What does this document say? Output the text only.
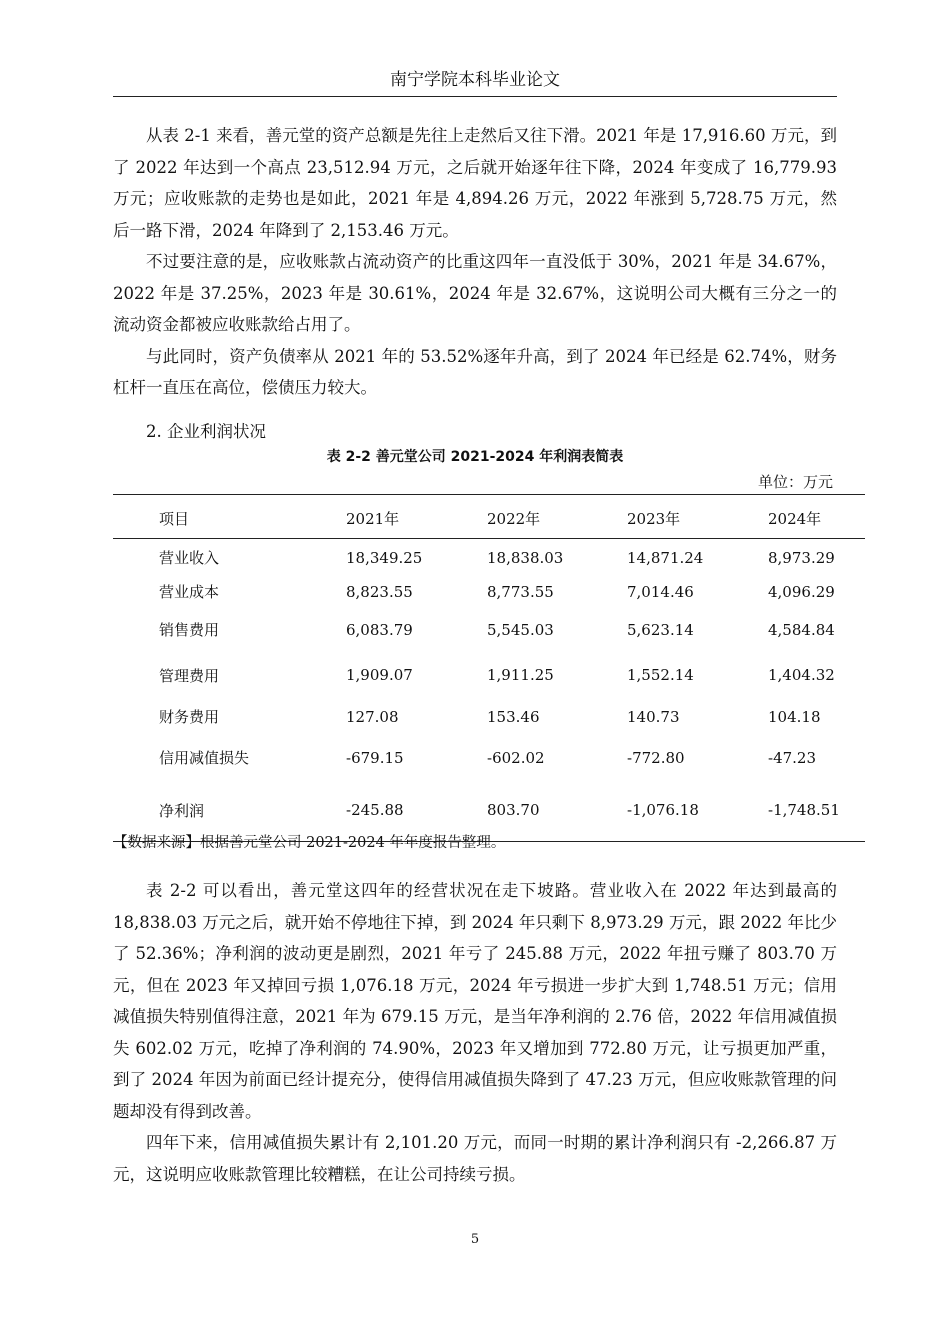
南宁学院本科毕业论文

从表 2-1 来看，善元堂的资产总额是先往上走然后又往下滑。2021 年是 17,916.60 万元，到了 2022 年达到一个高点 23,512.94 万元，之后就开始逐年往下降，2024 年变成了 16,779.93 万元；应收账款的走势也是如此，2021 年是 4,894.26 万元，2022 年涨到 5,728.75 万元，然后一路下滑，2024 年降到了 2,153.46 万元。

不过要注意的是，应收账款占流动资产的比重这四年一直没低于 30%，2021 年是 34.67%，2022 年是 37.25%，2023 年是 30.61%，2024 年是 32.67%，这说明公司大概有三分之一的流动资金都被应收账款给占用了。

与此同时，资产负债率从 2021 年的 53.52%逐年升高，到了 2024 年已经是 62.74%，财务杠杆一直压在高位，偿债压力较大。

2. 企业利润状况
表 2-2 善元堂公司 2021-2024 年利润表简表
单位：万元
项目	2021年	2022年	2023年	2024年
营业收入	18,349.25	18,838.03	14,871.24	8,973.29
营业成本	8,823.55	8,773.55	7,014.46	4,096.29
销售费用	6,083.79	5,545.03	5,623.14	4,584.84
管理费用	1,909.07	1,911.25	1,552.14	1,404.32
财务费用	127.08	153.46	140.73	104.18
信用减值损失	-679.15	-602.02	-772.80	-47.23
净利润	-245.88	803.70	-1,076.18	-1,748.51
【数据来源】根据善元堂公司 2021-2024 年年度报告整理。

表 2-2 可以看出，善元堂这四年的经营状况在走下坡路。营业收入在 2022 年达到最高的 18,838.03 万元之后，就开始不停地往下掉，到 2024 年只剩下 8,973.29 万元，跟 2022 年比少了 52.36%；净利润的波动更是剧烈，2021 年亏了 245.88 万元，2022 年扭亏赚了 803.70 万元，但在 2023 年又掉回亏损 1,076.18 万元，2024 年亏损进一步扩大到 1,748.51 万元；信用减值损失特别值得注意，2021 年为 679.15 万元，是当年净利润的 2.76 倍，2022 年信用减值损失 602.02 万元，吃掉了净利润的 74.90%，2023 年又增加到 772.80 万元，让亏损更加严重，到了 2024 年因为前面已经计提充分，使得信用减值损失降到了 47.23 万元，但应收账款管理的问题却没有得到改善。

四年下来，信用减值损失累计有 2,101.20 万元，而同一时期的累计净利润只有 -2,266.87 万元，这说明应收账款管理比较糟糕，在让公司持续亏损。

5
